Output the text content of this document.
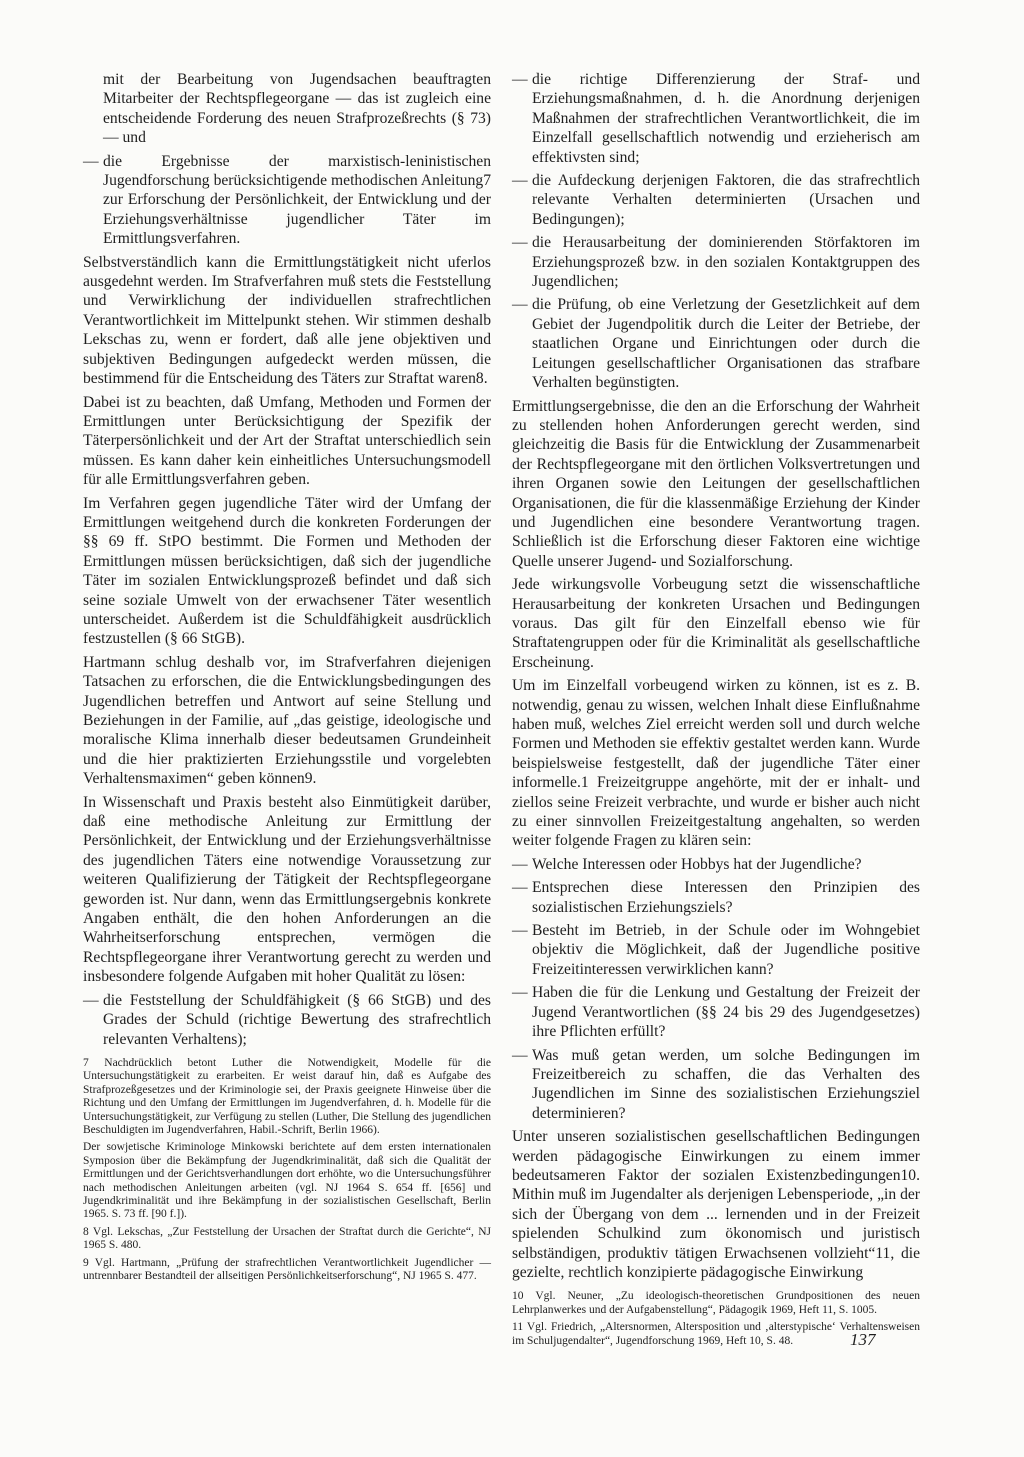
mit der Bearbeitung von Jugendsachen beauftragten Mitarbeiter der Rechtspflegeorgane — das ist zugleich eine entscheidende Forderung des neuen Strafprozeßrechts (§ 73) — und

— die Ergebnisse der marxistisch-leninistischen Jugendforschung berücksichtigende methodischen Anleitung7 zur Erforschung der Persönlichkeit, der Entwicklung und der Erziehungsverhältnisse jugendlicher Täter im Ermittlungsverfahren.

Selbstverständlich kann die Ermittlungstätigkeit nicht uferlos ausgedehnt werden. Im Strafverfahren muß stets die Feststellung und Verwirklichung der individuellen strafrechtlichen Verantwortlichkeit im Mittelpunkt stehen. Wir stimmen deshalb Lekschas zu, wenn er fordert, daß alle jene objektiven und subjektiven Bedingungen aufgedeckt werden müssen, die bestimmend für die Entscheidung des Täters zur Straftat waren8.

Dabei ist zu beachten, daß Umfang, Methoden und Formen der Ermittlungen unter Berücksichtigung der Spezifik der Täterpersönlichkeit und der Art der Straftat unterschiedlich sein müssen. Es kann daher kein einheitliches Untersuchungsmodell für alle Ermittlungsverfahren geben.

Im Verfahren gegen jugendliche Täter wird der Umfang der Ermittlungen weitgehend durch die konkreten Forderungen der §§ 69 ff. StPO bestimmt. Die Formen und Methoden der Ermittlungen müssen berücksichtigen, daß sich der jugendliche Täter im sozialen Entwicklungsprozeß befindet und daß sich seine soziale Umwelt von der erwachsener Täter wesentlich unterscheidet. Außerdem ist die Schuldfähigkeit ausdrücklich festzustellen (§ 66 StGB).

Hartmann schlug deshalb vor, im Strafverfahren diejenigen Tatsachen zu erforschen, die die Entwicklungsbedingungen des Jugendlichen betreffen und Antwort auf seine Stellung und Beziehungen in der Familie, auf „das geistige, ideologische und moralische Klima innerhalb dieser bedeutsamen Grundeinheit und die hier praktizierten Erziehungsstile und vorgelebten Verhaltensmaximen“ geben können9.

In Wissenschaft und Praxis besteht also Einmütigkeit darüber, daß eine methodische Anleitung zur Ermittlung der Persönlichkeit, der Entwicklung und der Erziehungsverhältnisse des jugendlichen Täters eine notwendige Voraussetzung zur weiteren Qualifizierung der Tätigkeit der Rechtspflegeorgane geworden ist. Nur dann, wenn das Ermittlungsergebnis konkrete Angaben enthält, die den hohen Anforderungen an die Wahrheitserforschung entsprechen, vermögen die Rechtspflegeorgane ihrer Verantwortung gerecht zu werden und insbesondere folgende Aufgaben mit hoher Qualität zu lösen:

— die Feststellung der Schuldfähigkeit (§ 66 StGB) und des Grades der Schuld (richtige Bewertung des strafrechtlich relevanten Verhaltens);

7 Nachdrücklich betont Luther die Notwendigkeit, Modelle für die Untersuchungstätigkeit zu erarbeiten. Er weist darauf hin, daß es Aufgabe des Strafprozeßgesetzes und der Kriminologie sei, der Praxis geeignete Hinweise über die Richtung und den Umfang der Ermittlungen im Jugendverfahren, d. h. Modelle für die Untersuchungstätigkeit, zur Verfügung zu stellen (Luther, Die Stellung des jugendlichen Beschuldigten im Jugendverfahren, Habil.-Schrift, Berlin 1966).

Der sowjetische Kriminologe Minkowski berichtete auf dem ersten internationalen Symposion über die Bekämpfung der Jugendkriminalität, daß sich die Qualität der Ermittlungen und der Gerichtsverhandlungen dort erhöhte, wo die Untersuchungsführer nach methodischen Anleitungen arbeiten (vgl. NJ 1964 S. 654 ff. [656] und Jugendkriminalität und ihre Bekämpfung in der sozialistischen Gesellschaft, Berlin 1965. S. 73 ff. [90 f.]).

8 Vgl. Lekschas, „Zur Feststellung der Ursachen der Straftat durch die Gerichte“, NJ 1965 S. 480.

9 Vgl. Hartmann, „Prüfung der strafrechtlichen Verantwortlichkeit Jugendlicher — untrennbarer Bestandteil der allseitigen Persönlichkeitserforschung“, NJ 1965 S. 477.

— die richtige Differenzierung der Straf- und Erziehungsmaßnahmen, d. h. die Anordnung derjenigen Maßnahmen der strafrechtlichen Verantwortlichkeit, die im Einzelfall gesellschaftlich notwendig und erzieherisch am effektivsten sind;

— die Aufdeckung derjenigen Faktoren, die das strafrechtlich relevante Verhalten determinierten (Ursachen und Bedingungen);

— die Herausarbeitung der dominierenden Störfaktoren im Erziehungsprozeß bzw. in den sozialen Kontaktgruppen des Jugendlichen;

— die Prüfung, ob eine Verletzung der Gesetzlichkeit auf dem Gebiet der Jugendpolitik durch die Leiter der Betriebe, der staatlichen Organe und Einrichtungen oder durch die Leitungen gesellschaftlicher Organisationen das strafbare Verhalten begünstigten.

Ermittlungsergebnisse, die den an die Erforschung der Wahrheit zu stellenden hohen Anforderungen gerecht werden, sind gleichzeitig die Basis für die Entwicklung der Zusammenarbeit der Rechtspflegeorgane mit den örtlichen Volksvertretungen und ihren Organen sowie den Leitungen der gesellschaftlichen Organisationen, die für die klassenmäßige Erziehung der Kinder und Jugendlichen eine besondere Verantwortung tragen. Schließlich ist die Erforschung dieser Faktoren eine wichtige Quelle unserer Jugend- und Sozialforschung.

Jede wirkungsvolle Vorbeugung setzt die wissenschaftliche Herausarbeitung der konkreten Ursachen und Bedingungen voraus. Das gilt für den Einzelfall ebenso wie für Straftatengruppen oder für die Kriminalität als gesellschaftliche Erscheinung.

Um im Einzelfall vorbeugend wirken zu können, ist es z. B. notwendig, genau zu wissen, welchen Inhalt diese Einflußnahme haben muß, welches Ziel erreicht werden soll und durch welche Formen und Methoden sie effektiv gestaltet werden kann. Wurde beispielsweise festgestellt, daß der jugendliche Täter einer informelle.1 Freizeitgruppe angehörte, mit der er inhalt- und ziellos seine Freizeit verbrachte, und wurde er bisher auch nicht zu einer sinnvollen Freizeitgestaltung angehalten, so werden weiter folgende Fragen zu klären sein:

— Welche Interessen oder Hobbys hat der Jugendliche?

— Entsprechen diese Interessen den Prinzipien des sozialistischen Erziehungsziels?

— Besteht im Betrieb, in der Schule oder im Wohngebiet objektiv die Möglichkeit, daß der Jugendliche positive Freizeitinteressen verwirklichen kann?

— Haben die für die Lenkung und Gestaltung der Freizeit der Jugend Verantwortlichen (§§ 24 bis 29 des Jugendgesetzes) ihre Pflichten erfüllt?

— Was muß getan werden, um solche Bedingungen im Freizeitbereich zu schaffen, die das Verhalten des Jugendlichen im Sinne des sozialistischen Erziehungsziel determinieren?

Unter unseren sozialistischen gesellschaftlichen Bedingungen werden pädagogische Einwirkungen zu einem immer bedeutsameren Faktor der sozialen Existenzbedingungen10. Mithin muß im Jugendalter als derjenigen Lebensperiode, „in der sich der Übergang von dem ... lernenden und in der Freizeit spielenden Schulkind zum ökonomisch und juristisch selbständigen, produktiv tätigen Erwachsenen vollzieht“11, die gezielte, rechtlich konzipierte pädagogische Einwirkung

10 Vgl. Neuner, „Zu ideologisch-theoretischen Grundpositionen des neuen Lehrplanwerkes und der Aufgabenstellung“, Pädagogik 1969, Heft 11, S. 1005.

11 Vgl. Friedrich, „Altersnormen, Altersposition und ‚alterstypische‘ Verhaltensweisen im Schuljugendalter“, Jugendforschung 1969, Heft 10, S. 48.	137
